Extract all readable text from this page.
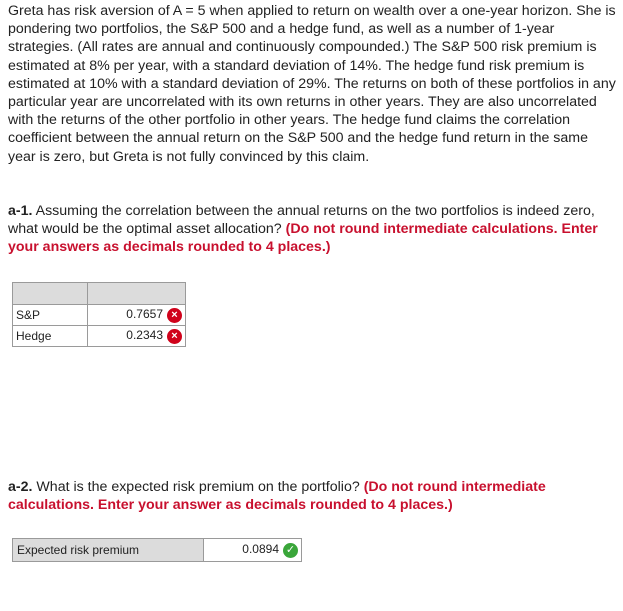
Greta has risk aversion of A = 5 when applied to return on wealth over a one-year horizon. She is pondering two portfolios, the S&P 500 and a hedge fund, as well as a number of 1-year strategies. (All rates are annual and continuously compounded.) The S&P 500 risk premium is estimated at 8% per year, with a standard deviation of 14%. The hedge fund risk premium is estimated at 10% with a standard deviation of 29%. The returns on both of these portfolios in any particular year are uncorrelated with its own returns in other years. They are also uncorrelated with the returns of the other portfolio in other years. The hedge fund claims the correlation coefficient between the annual return on the S&P 500 and the hedge fund return in the same year is zero, but Greta is not fully convinced by this claim.
a-1. Assuming the correlation between the annual returns on the two portfolios is indeed zero, what would be the optimal asset allocation? (Do not round intermediate calculations. Enter your answers as decimals rounded to 4 places.)

S&P	0.7657 ×
Hedge	0.2343 ×
a-2. What is the expected risk premium on the portfolio? (Do not round intermediate calculations. Enter your answer as decimals rounded to 4 places.)
Expected risk premium	0.0894 ✓
